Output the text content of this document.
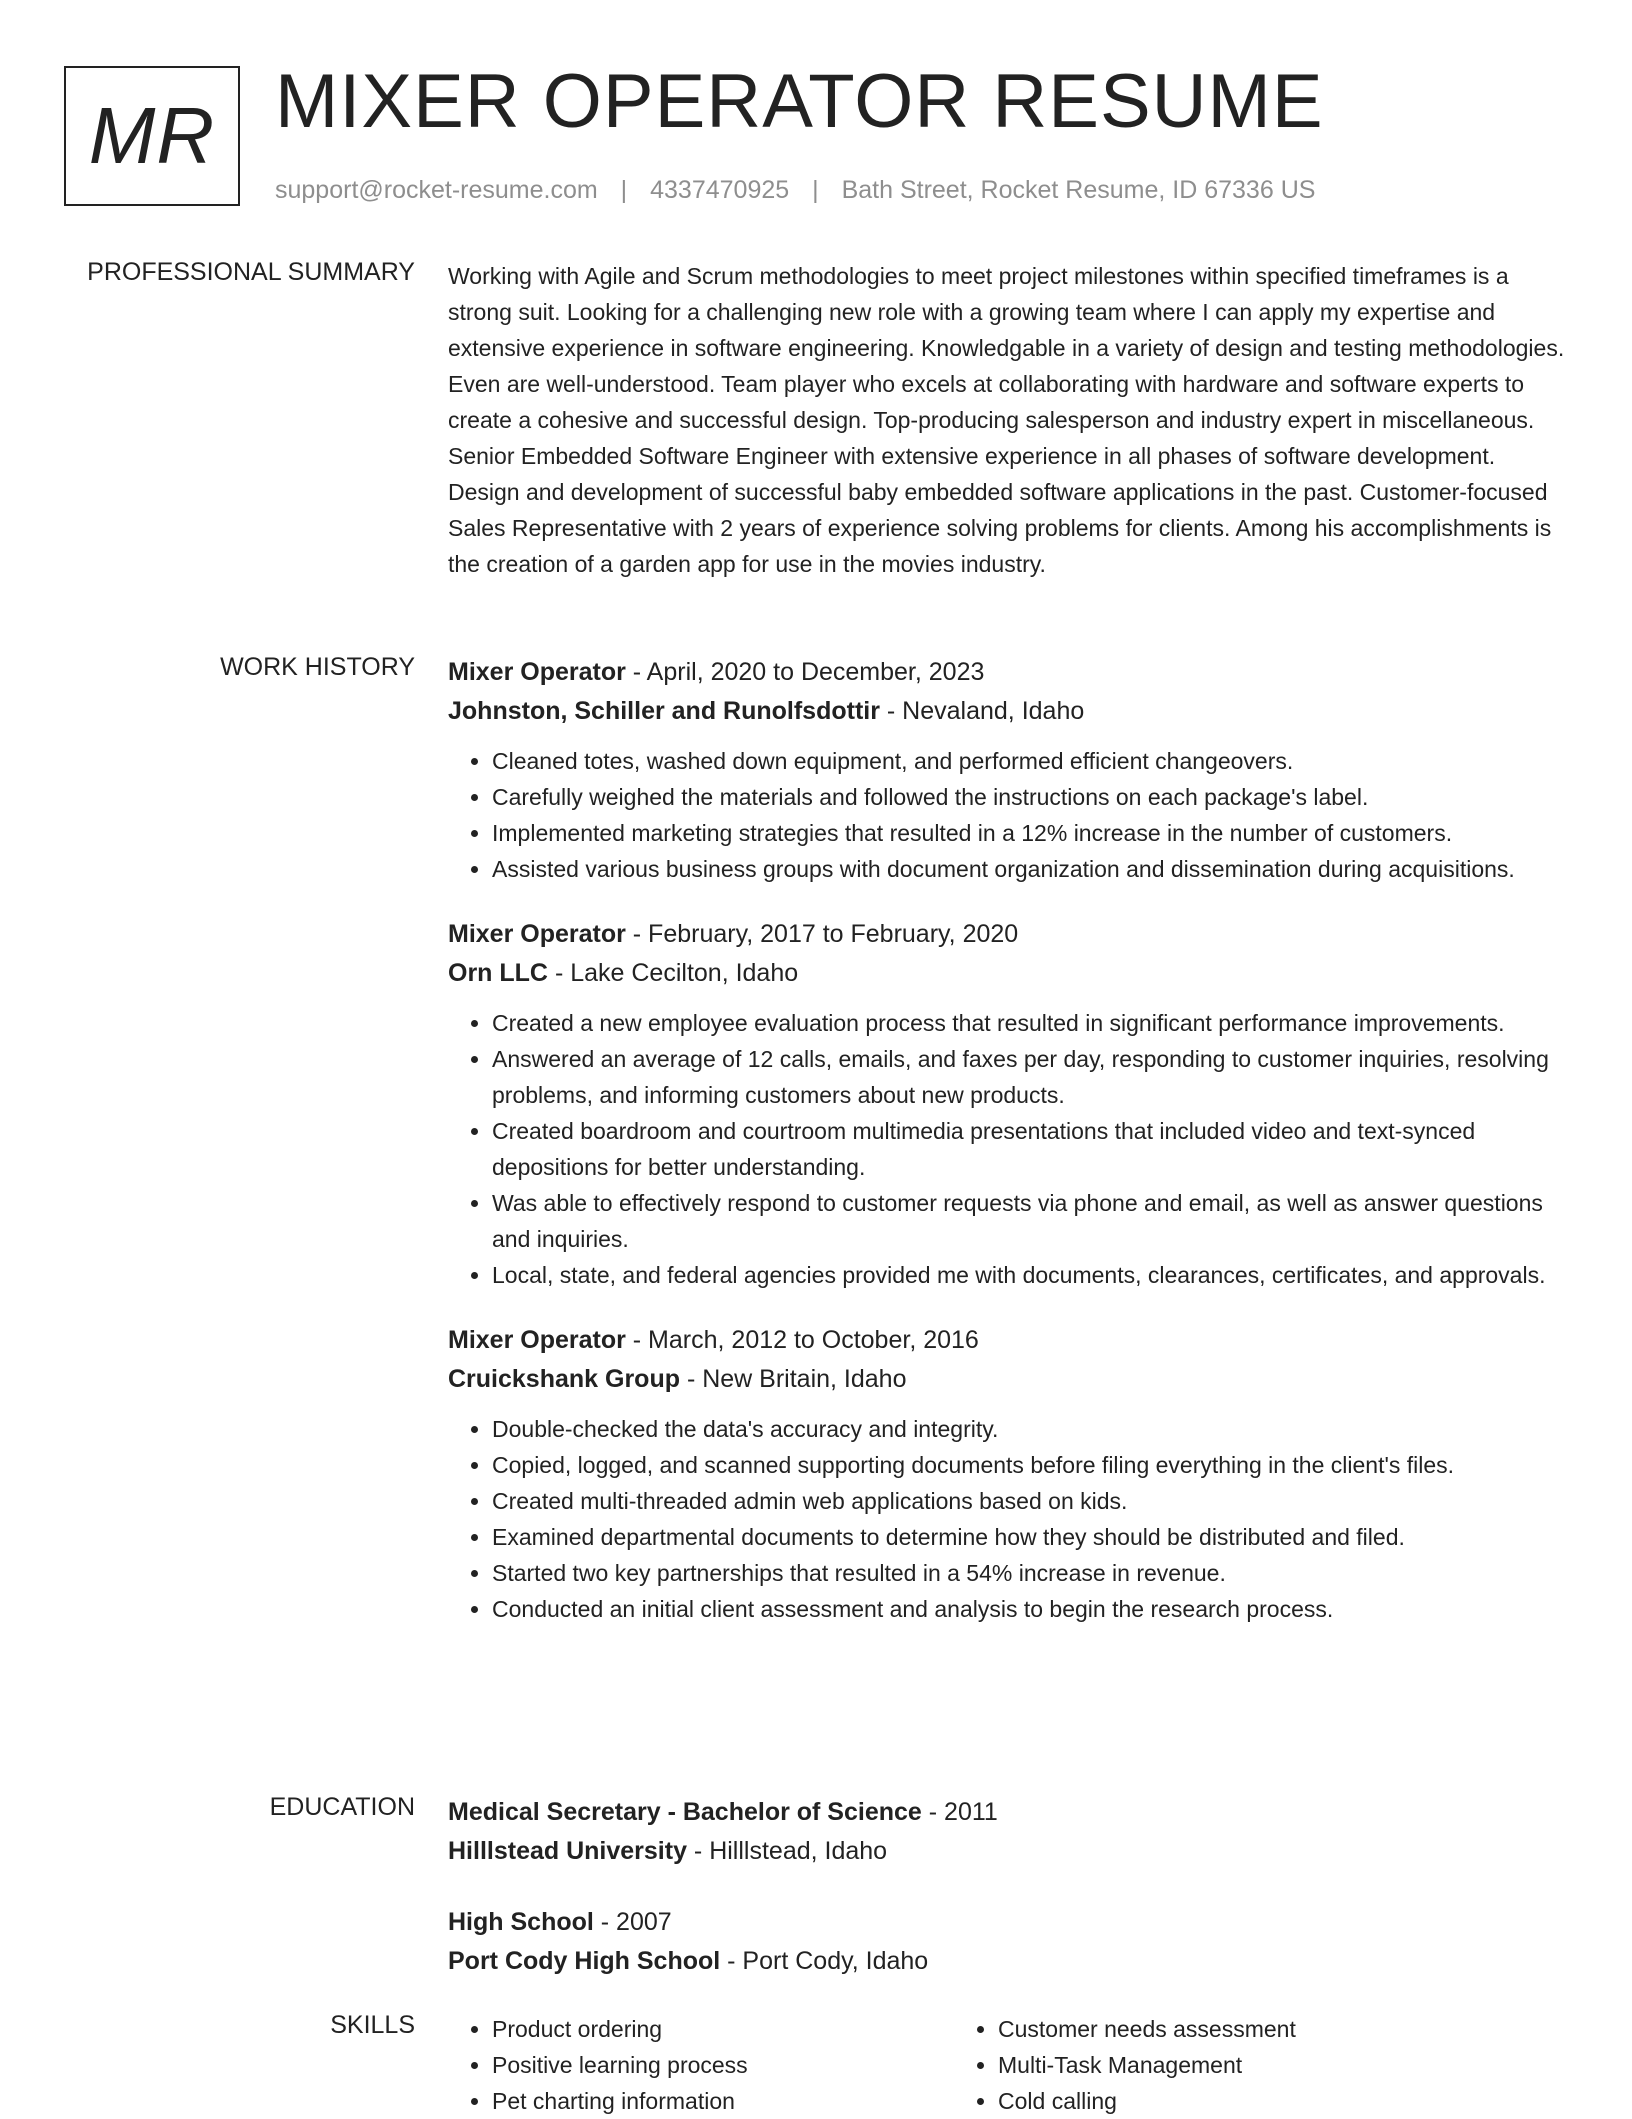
MR MIXER OPERATOR RESUME
support@rocket-resume.com | 4337470925 | Bath Street, Rocket Resume, ID 67336 US
PROFESSIONAL SUMMARY Working with Agile and Scrum methodologies to meet project milestones within specified timeframes is a strong suit. Looking for a challenging new role with a growing team where I can apply my expertise and extensive experience in software engineering. Knowledgable in a variety of design and testing methodologies. Even are well-understood. Team player who excels at collaborating with hardware and software experts to create a cohesive and successful design. Top-producing salesperson and industry expert in miscellaneous. Senior Embedded Software Engineer with extensive experience in all phases of software development. Design and development of successful baby embedded software applications in the past. Customer-focused Sales Representative with 2 years of experience solving problems for clients. Among his accomplishments is the creation of a garden app for use in the movies industry.

WORK HISTORY Mixer Operator - April, 2020 to December, 2023
Johnston, Schiller and Runolfsdottir - Nevaland, Idaho
• Cleaned totes, washed down equipment, and performed efficient changeovers.
• Carefully weighed the materials and followed the instructions on each package's label.
• Implemented marketing strategies that resulted in a 12% increase in the number of customers.
• Assisted various business groups with document organization and dissemination during acquisitions.
Mixer Operator - February, 2017 to February, 2020
Orn LLC - Lake Cecilton, Idaho
• Created a new employee evaluation process that resulted in significant performance improvements.
• Answered an average of 12 calls, emails, and faxes per day, responding to customer inquiries, resolving problems, and informing customers about new products.
• Created boardroom and courtroom multimedia presentations that included video and text-synced depositions for better understanding.
• Was able to effectively respond to customer requests via phone and email, as well as answer questions and inquiries.
• Local, state, and federal agencies provided me with documents, clearances, certificates, and approvals.
Mixer Operator - March, 2012 to October, 2016
Cruickshank Group - New Britain, Idaho
• Double-checked the data's accuracy and integrity.
• Copied, logged, and scanned supporting documents before filing everything in the client's files.
• Created multi-threaded admin web applications based on kids.
• Examined departmental documents to determine how they should be distributed and filed.
• Started two key partnerships that resulted in a 54% increase in revenue.
• Conducted an initial client assessment and analysis to begin the research process.
EDUCATION Medical Secretary - Bachelor of Science - 2011
Hilllstead University - Hilllstead, Idaho
High School - 2007
Port Cody High School - Port Cody, Idaho
SKILLS
•	Product ordering
• Positive learning process
• Pet charting information
• Customer needs assessment
• Multi-Task Management
• Cold calling
